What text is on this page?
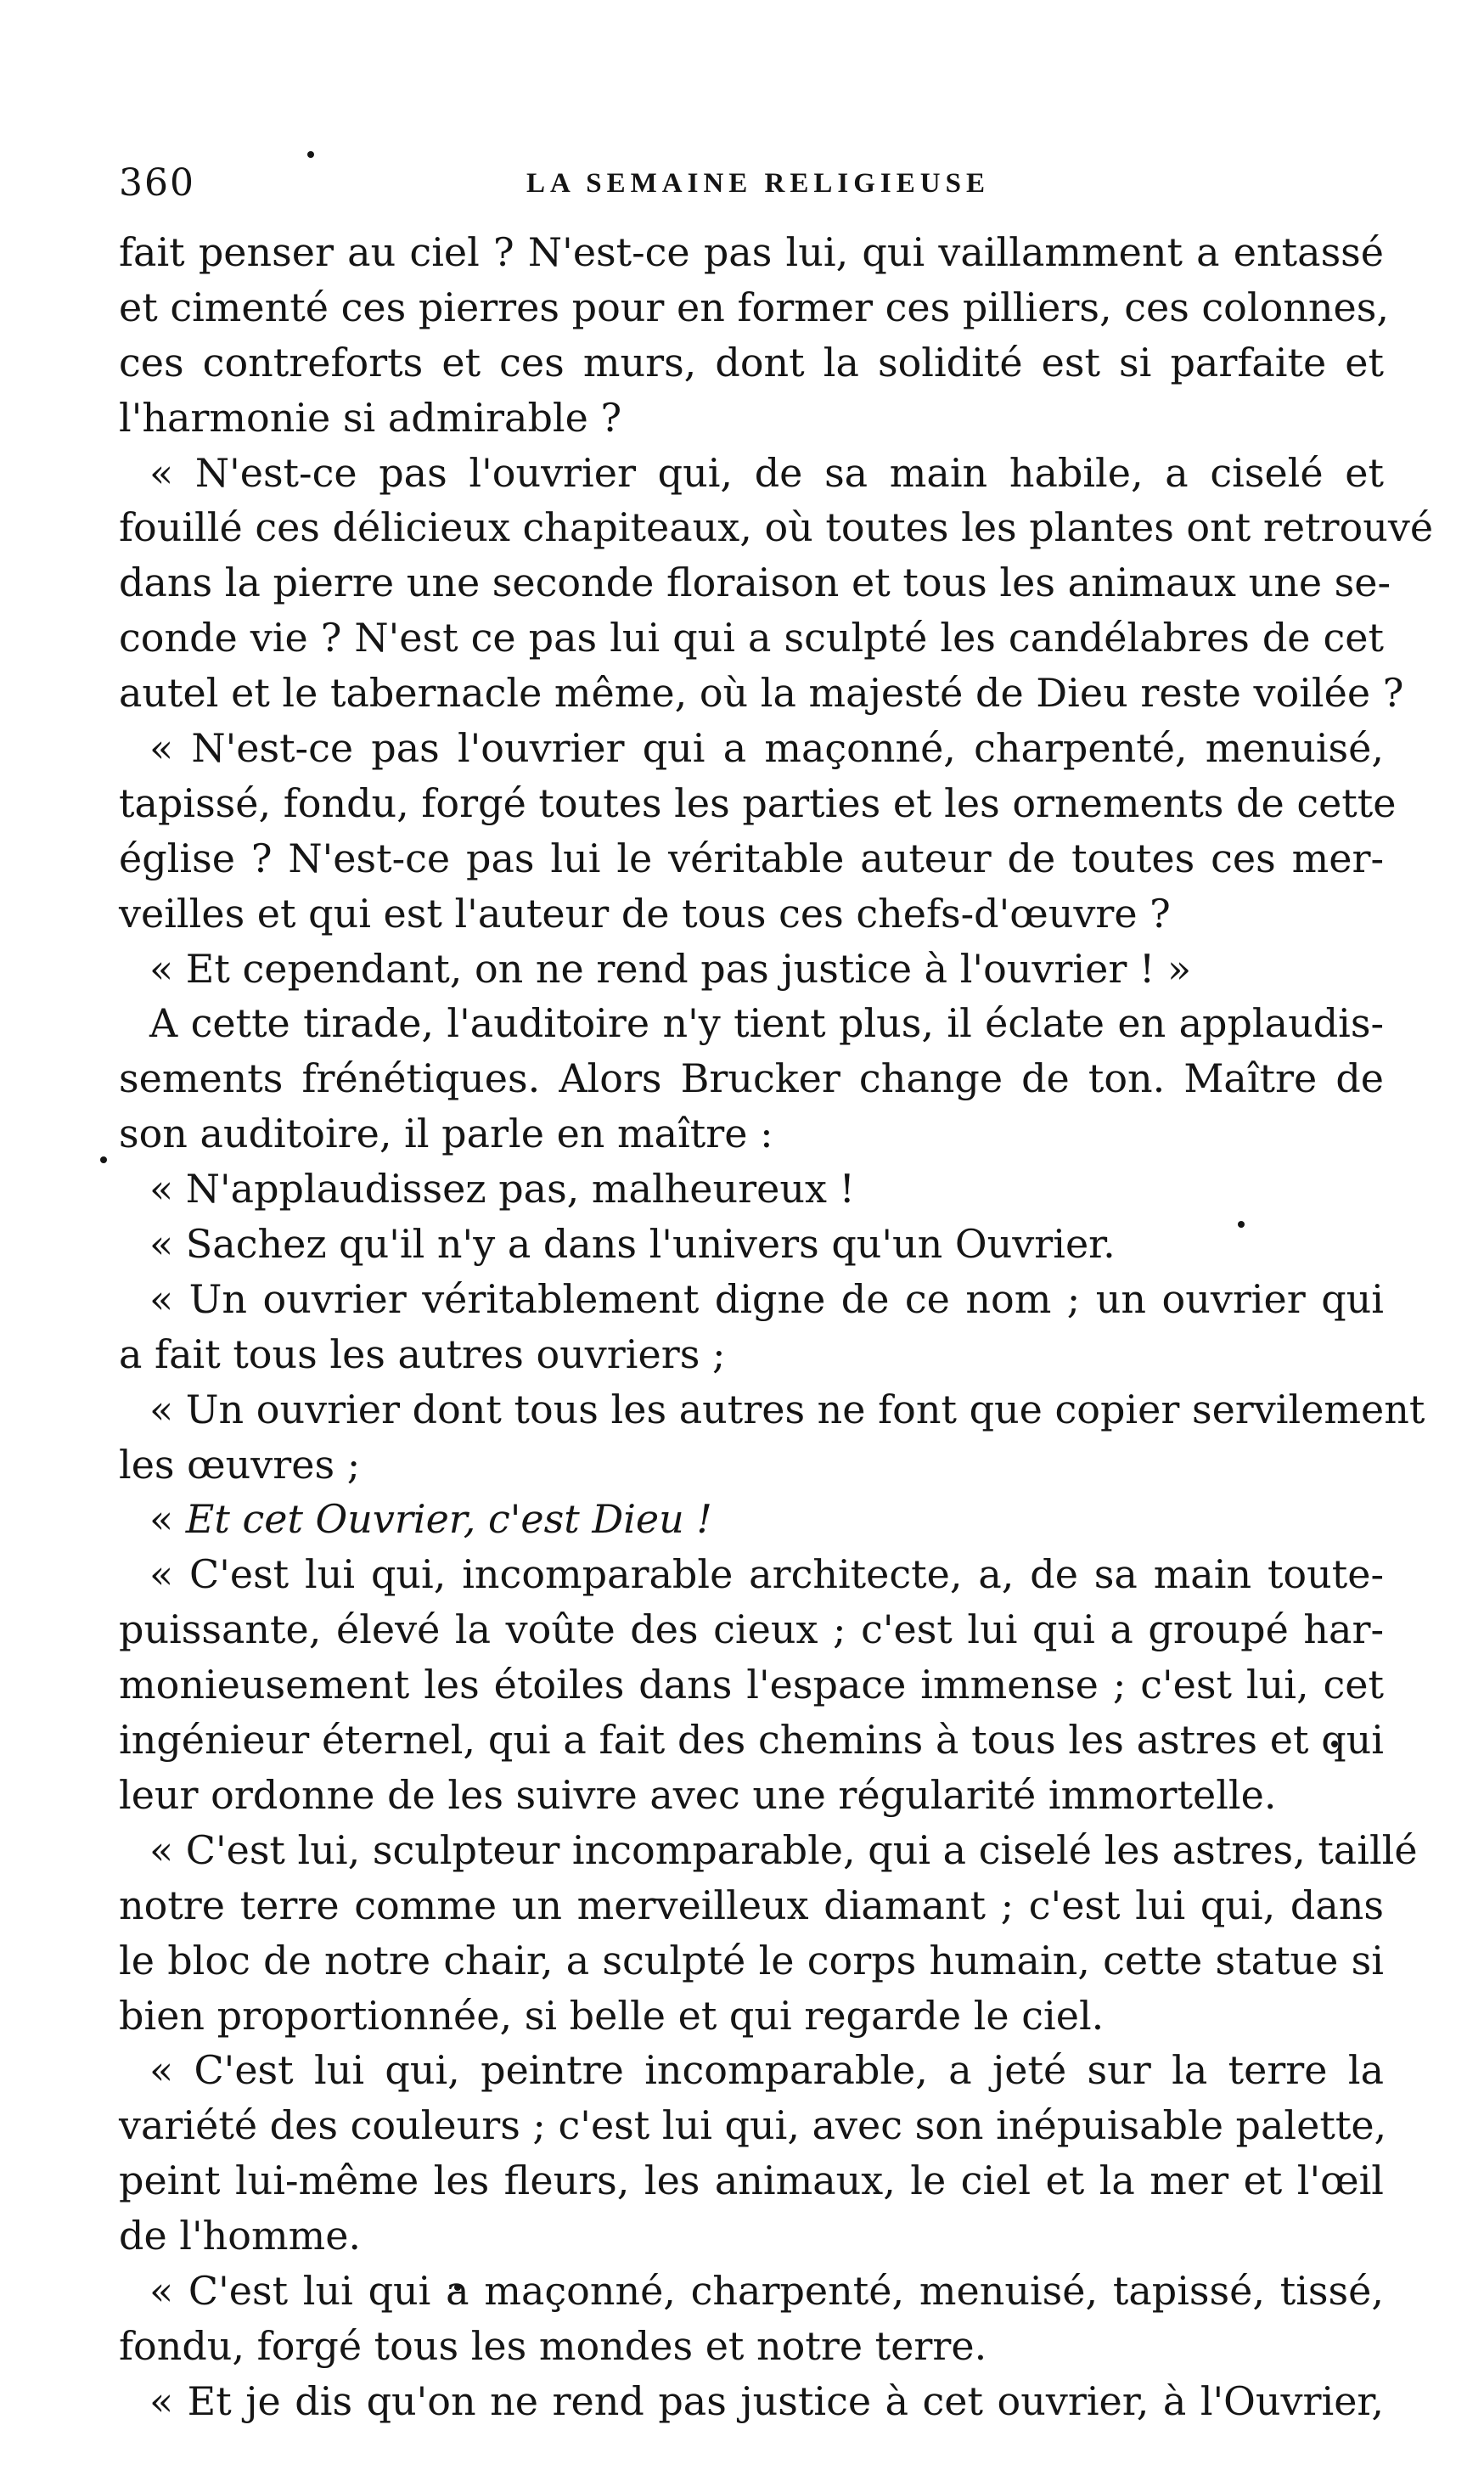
360	LA SEMAINE RELIGIEUSE
fait penser au ciel ? N'est-ce pas lui, qui vaillamment a entassé
et cimenté ces pierres pour en former ces pilliers, ces colonnes,
ces contreforts et ces murs, dont la solidité est si parfaite et
l'harmonie si admirable ?
« N'est-ce pas l'ouvrier qui, de sa main habile, a ciselé et
fouillé ces délicieux chapiteaux, où toutes les plantes ont retrouvé
dans la pierre une seconde floraison et tous les animaux une se-
conde vie ? N'est ce pas lui qui a sculpté les candélabres de cet
autel et le tabernacle même, où la majesté de Dieu reste voilée ?
« N'est-ce pas l'ouvrier qui a maçonné, charpenté, menuisé,
tapissé, fondu, forgé toutes les parties et les ornements de cette
église ? N'est-ce pas lui le véritable auteur de toutes ces mer-
veilles et qui est l'auteur de tous ces chefs-d'œuvre ?
« Et cependant, on ne rend pas justice à l'ouvrier ! »
A cette tirade, l'auditoire n'y tient plus, il éclate en applaudis-
sements frénétiques. Alors Brucker change de ton. Maître de
son auditoire, il parle en maître :
« N'applaudissez pas, malheureux !
« Sachez qu'il n'y a dans l'univers qu'un Ouvrier.
« Un ouvrier véritablement digne de ce nom ; un ouvrier qui
a fait tous les autres ouvriers ;
« Un ouvrier dont tous les autres ne font que copier servilement
les œuvres ;
« Et cet Ouvrier, c'est Dieu !
« C'est lui qui, incomparable architecte, a, de sa main toute-
puissante, élevé la voûte des cieux ; c'est lui qui a groupé har-
monieusement les étoiles dans l'espace immense ; c'est lui, cet
ingénieur éternel, qui a fait des chemins à tous les astres et qui
leur ordonne de les suivre avec une régularité immortelle.
« C'est lui, sculpteur incomparable, qui a ciselé les astres, taillé
notre terre comme un merveilleux diamant ; c'est lui qui, dans
le bloc de notre chair, a sculpté le corps humain, cette statue si
bien proportionnée, si belle et qui regarde le ciel.
« C'est lui qui, peintre incomparable, a jeté sur la terre la
variété des couleurs ; c'est lui qui, avec son inépuisable palette,
peint lui-même les fleurs, les animaux, le ciel et la mer et l'œil
de l'homme.
« C'est lui qui a maçonné, charpenté, menuisé, tapissé, tissé,
fondu, forgé tous les mondes et notre terre.
« Et je dis qu'on ne rend pas justice à cet ouvrier, à l'Ouvrier,
